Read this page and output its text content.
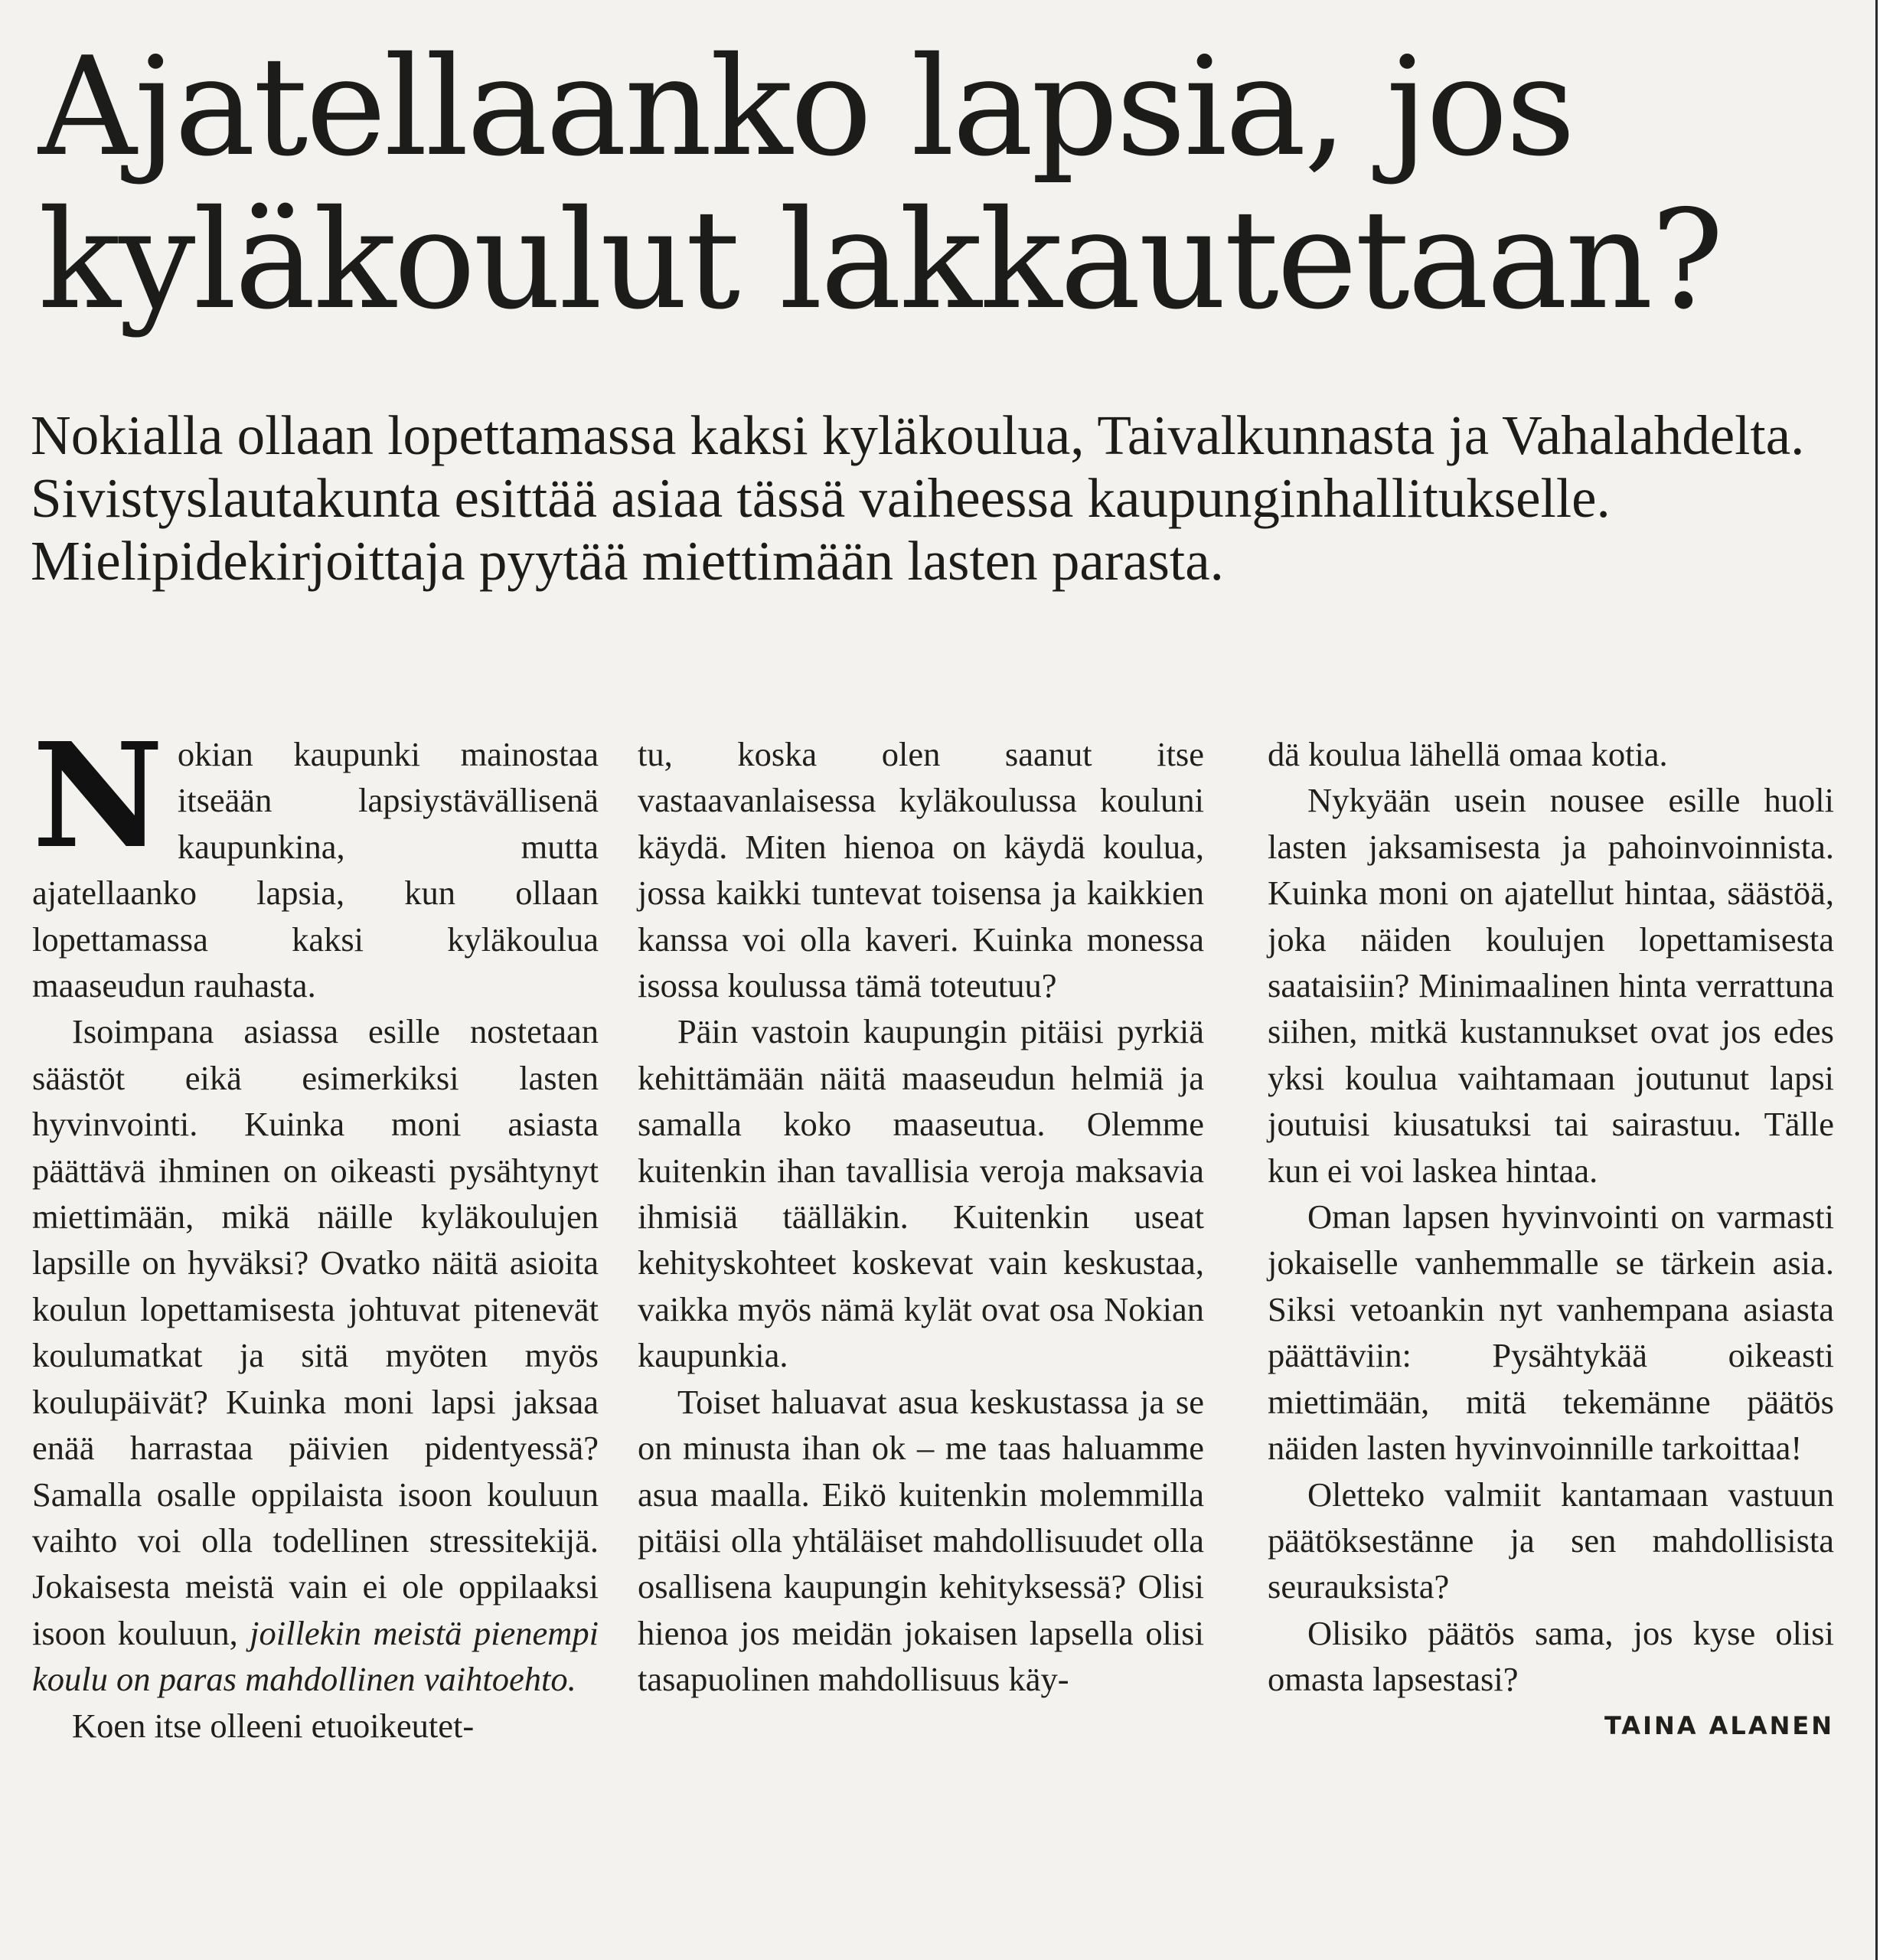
Ajatellaanko lapsia, jos kyläkoulut lakkautetaan?

Nokialla ollaan lopettamassa kaksi kyläkoulua, Taivalkunnasta ja Vahalahdelta. Sivistyslautakunta esittää asiaa tässä vaiheessa kaupunginhallitukselle. Mielipidekirjoittaja pyytää miettimään lasten parasta.

Nokian kaupunki mainostaa itseään lapsiystävällisenä kaupunkina, mutta ajatellaanko lapsia, kun ollaan lopettamassa kaksi kyläkoulua maaseudun rauhasta.

Isoimpana asiassa esille nostetaan säästöt eikä esimerkiksi lasten hyvinvointi. Kuinka moni asiasta päättävä ihminen on oikeasti pysähtynyt miettimään, mikä näille kyläkoulujen lapsille on hyväksi? Ovatko näitä asioita koulun lopettamisesta johtuvat pitenevät koulumatkat ja sitä myöten myös koulupäivät? Kuinka moni lapsi jaksaa enää harrastaa päivien pidentyessä? Samalla osalle oppilaista isoon kouluun vaihto voi olla todellinen stressitekijä. Jokaisesta meistä vain ei ole oppilaaksi isoon kouluun, joillekin meistä pienempi koulu on paras mahdollinen vaihtoehto.

Koen itse olleeni etuoikeutet-

tu, koska olen saanut itse vastaavanlaisessa kyläkoulussa kouluni käydä. Miten hienoa on käydä koulua, jossa kaikki tuntevat toisensa ja kaikkien kanssa voi olla kaveri. Kuinka monessa isossa koulussa tämä toteutuu?

Päin vastoin kaupungin pitäisi pyrkiä kehittämään näitä maaseudun helmiä ja samalla koko maaseutua. Olemme kuitenkin ihan tavallisia veroja maksavia ihmisiä täälläkin. Kuitenkin useat kehityskohteet koskevat vain keskustaa, vaikka myös nämä kylät ovat osa Nokian kaupunkia.

Toiset haluavat asua keskustassa ja se on minusta ihan ok – me taas haluamme asua maalla. Eikö kuitenkin molemmilla pitäisi olla yhtäläiset mahdollisuudet olla osallisena kaupungin kehityksessä? Olisi hienoa jos meidän jokaisen lapsella olisi tasapuolinen mahdollisuus käy-

dä koulua lähellä omaa kotia.

Nykyään usein nousee esille huoli lasten jaksamisesta ja pahoinvoinnista. Kuinka moni on ajatellut hintaa, säästöä, joka näiden koulujen lopettamisesta saataisiin? Minimaalinen hinta verrattuna siihen, mitkä kustannukset ovat jos edes yksi koulua vaihtamaan joutunut lapsi joutuisi kiusatuksi tai sairastuu. Tälle kun ei voi laskea hintaa.

Oman lapsen hyvinvointi on varmasti jokaiselle vanhemmalle se tärkein asia. Siksi vetoankin nyt vanhempana asiasta päättäviin: Pysähtykää oikeasti miettimään, mitä tekemänne päätös näiden lasten hyvinvoinnille tarkoittaa!

Oletteko valmiit kantamaan vastuun päätöksestänne ja sen mahdollisista seurauksista?

Olisiko päätös sama, jos kyse olisi omasta lapsestasi?

TAINA ALANEN
